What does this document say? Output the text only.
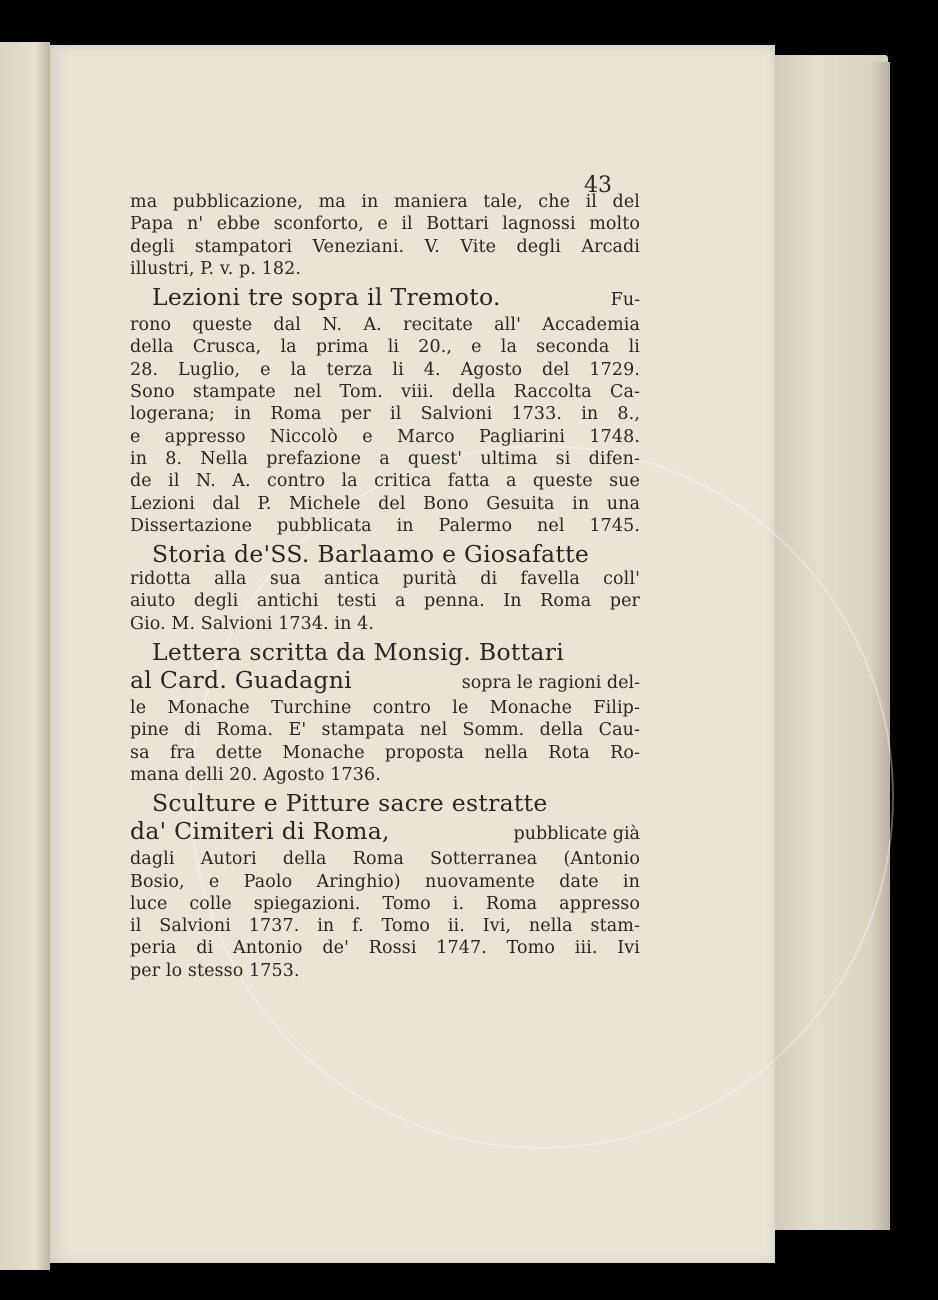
43
ma pubblicazione, ma in maniera tale, che il del
Papa n' ebbe sconforto, e il Bottari lagnossi molto
degli stampatori Veneziani. V. Vite degli Arcadi
illustri, P. v. p. 182.
Lezioni tre sopra il Tremoto.	Fu-
rono queste dal N. A. recitate all' Accademia
della Crusca, la prima li 20., e la seconda li
28. Luglio, e la terza li 4. Agosto del 1729.
Sono stampate nel Tom. viii. della Raccolta Ca-
logerana; in Roma per il Salvioni 1733. in 8.,
e appresso Niccolò e Marco Pagliarini 1748.
in 8. Nella prefazione a quest' ultima si difen-
de il N. A. contro la critica fatta a queste sue
Lezioni dal P. Michele del Bono Gesuita in una
Dissertazione pubblicata in Palermo nel 1745.
Storia de'SS. Barlaamo e Giosafatte
ridotta alla sua antica purità di favella coll'
aiuto degli antichi testi a penna. In Roma per
Gio. M. Salvioni 1734. in 4.
Lettera scritta da Monsig. Bottari
al Card. Guadagni	sopra le ragioni del-
le Monache Turchine contro le Monache Filip-
pine di Roma. E' stampata nel Somm. della Cau-
sa fra dette Monache proposta nella Rota Ro-
mana delli 20. Agosto 1736.
Sculture e Pitture sacre estratte
da' Cimiteri di Roma,	pubblicate già
dagli Autori della Roma Sotterranea (Antonio
Bosio, e Paolo Aringhio) nuovamente date in
luce colle spiegazioni. Tomo i. Roma appresso
il Salvioni 1737. in f. Tomo ii. Ivi, nella stam-
peria di Antonio de' Rossi 1747. Tomo iii. Ivi
per lo stesso 1753.
